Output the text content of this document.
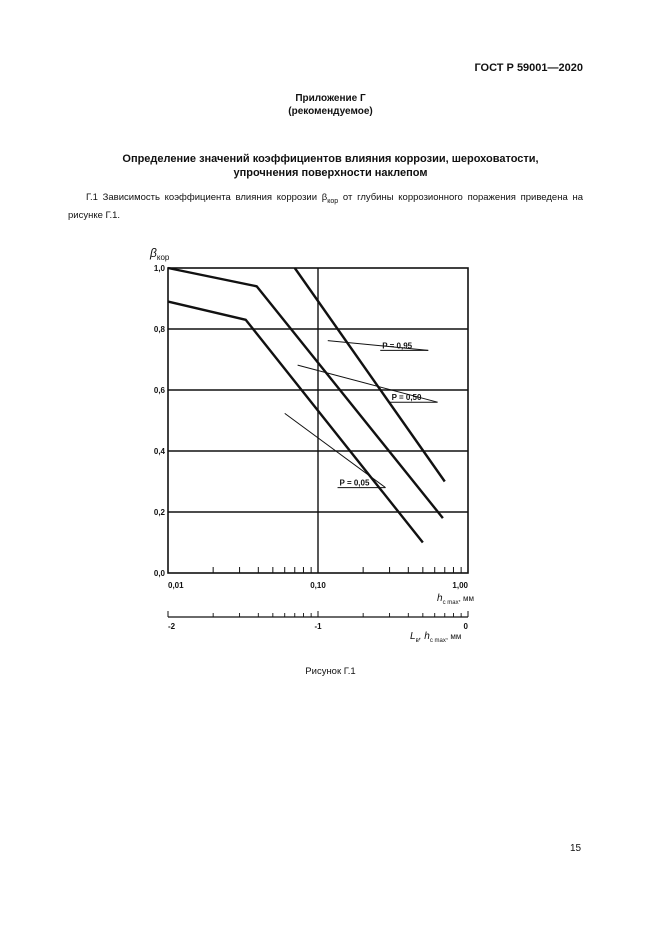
ГОСТ Р 59001—2020
Приложение Г
(рекомендуемое)
Определение значений коэффициентов влияния коррозии, шероховатости,
упрочнения поверхности наклепом
Г.1 Зависимость коэффициента влияния коррозии $\beta_{кор}$ от глубины коррозионного поражения приведена на рисунке Г.1.
P = 0,95
P = 0,50
P = 0,05
0,0
0,2
0,4
0,6
0,8
1,0
0,01	0,10	1,00
$\beta_{кор}$
$h_{с max}^{, мм}$
-2	-1	0
$L_в$, $h_{с max}^{, мм}$
Рисунок Г.1
15
